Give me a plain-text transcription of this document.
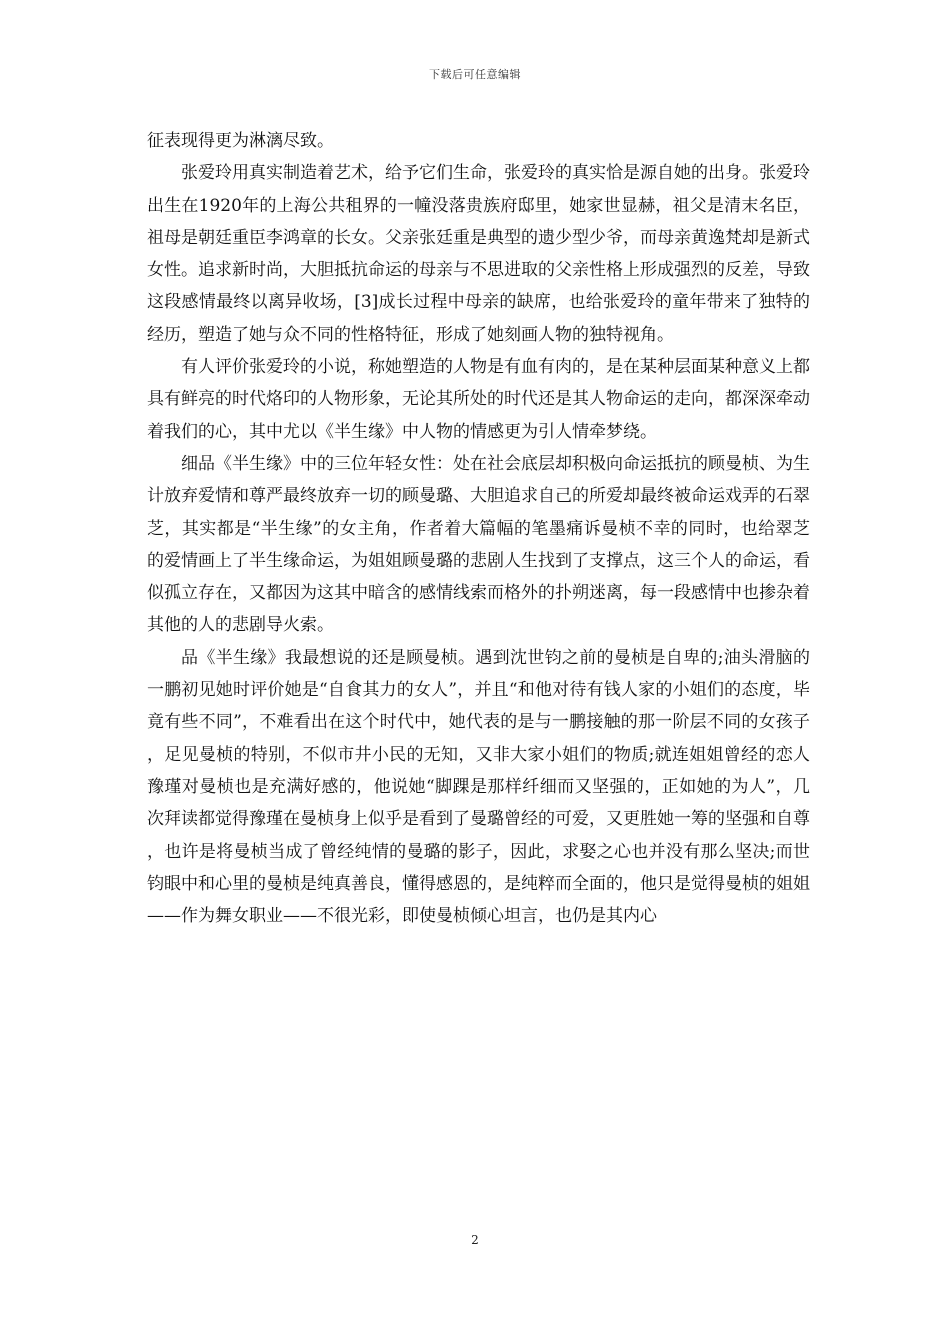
下载后可任意编辑

征表现得更为淋漓尽致。

张爱玲用真实制造着艺术，给予它们生命，张爱玲的真实恰是源自她的出身。张爱玲出生在1920年的上海公共租界的一幢没落贵族府邸里，她家世显赫，祖父是清末名臣，祖母是朝廷重臣李鸿章的长女。父亲张廷重是典型的遗少型少爷，而母亲黄逸梵却是新式女性。追求新时尚，大胆抵抗命运的母亲与不思进取的父亲性格上形成强烈的反差，导致这段感情最终以离异收场，[3]成长过程中母亲的缺席，也给张爱玲的童年带来了独特的经历，塑造了她与众不同的性格特征，形成了她刻画人物的独特视角。

有人评价张爱玲的小说，称她塑造的人物是有血有肉的，是在某种层面某种意义上都具有鲜亮的时代烙印的人物形象，无论其所处的时代还是其人物命运的走向，都深深牵动着我们的心，其中尤以《半生缘》中人物的情感更为引人情牵梦绕。

细品《半生缘》中的三位年轻女性：处在社会底层却积极向命运抵抗的顾曼桢、为生计放弃爱情和尊严最终放弃一切的顾曼璐、大胆追求自己的所爱却最终被命运戏弄的石翠芝，其实都是“半生缘”的女主角，作者着大篇幅的笔墨痛诉曼桢不幸的同时，也给翠芝的爱情画上了半生缘命运，为姐姐顾曼璐的悲剧人生找到了支撑点，这三个人的命运，看似孤立存在，又都因为这其中暗含的感情线索而格外的扑朔迷离，每一段感情中也掺杂着其他的人的悲剧导火索。

品《半生缘》我最想说的还是顾曼桢。遇到沈世钧之前的曼桢是自卑的;油头滑脑的一鹏初见她时评价她是“自食其力的女人”，并且“和他对待有钱人家的小姐们的态度，毕竟有些不同”，不难看出在这个时代中，她代表的是与一鹏接触的那一阶层不同的女孩子，足见曼桢的特别，不似市井小民的无知，又非大家小姐们的物质;就连姐姐曾经的恋人豫瑾对曼桢也是充满好感的，他说她“脚踝是那样纤细而又坚强的，正如她的为人”，几次拜读都觉得豫瑾在曼桢身上似乎是看到了曼璐曾经的可爱，又更胜她一筹的坚强和自尊，也许是将曼桢当成了曾经纯情的曼璐的影子，因此，求娶之心也并没有那么坚决;而世钧眼中和心里的曼桢是纯真善良，懂得感恩的，是纯粹而全面的，他只是觉得曼桢的姐姐——作为舞女职业——不很光彩，即使曼桢倾心坦言，也仍是其内心

2
